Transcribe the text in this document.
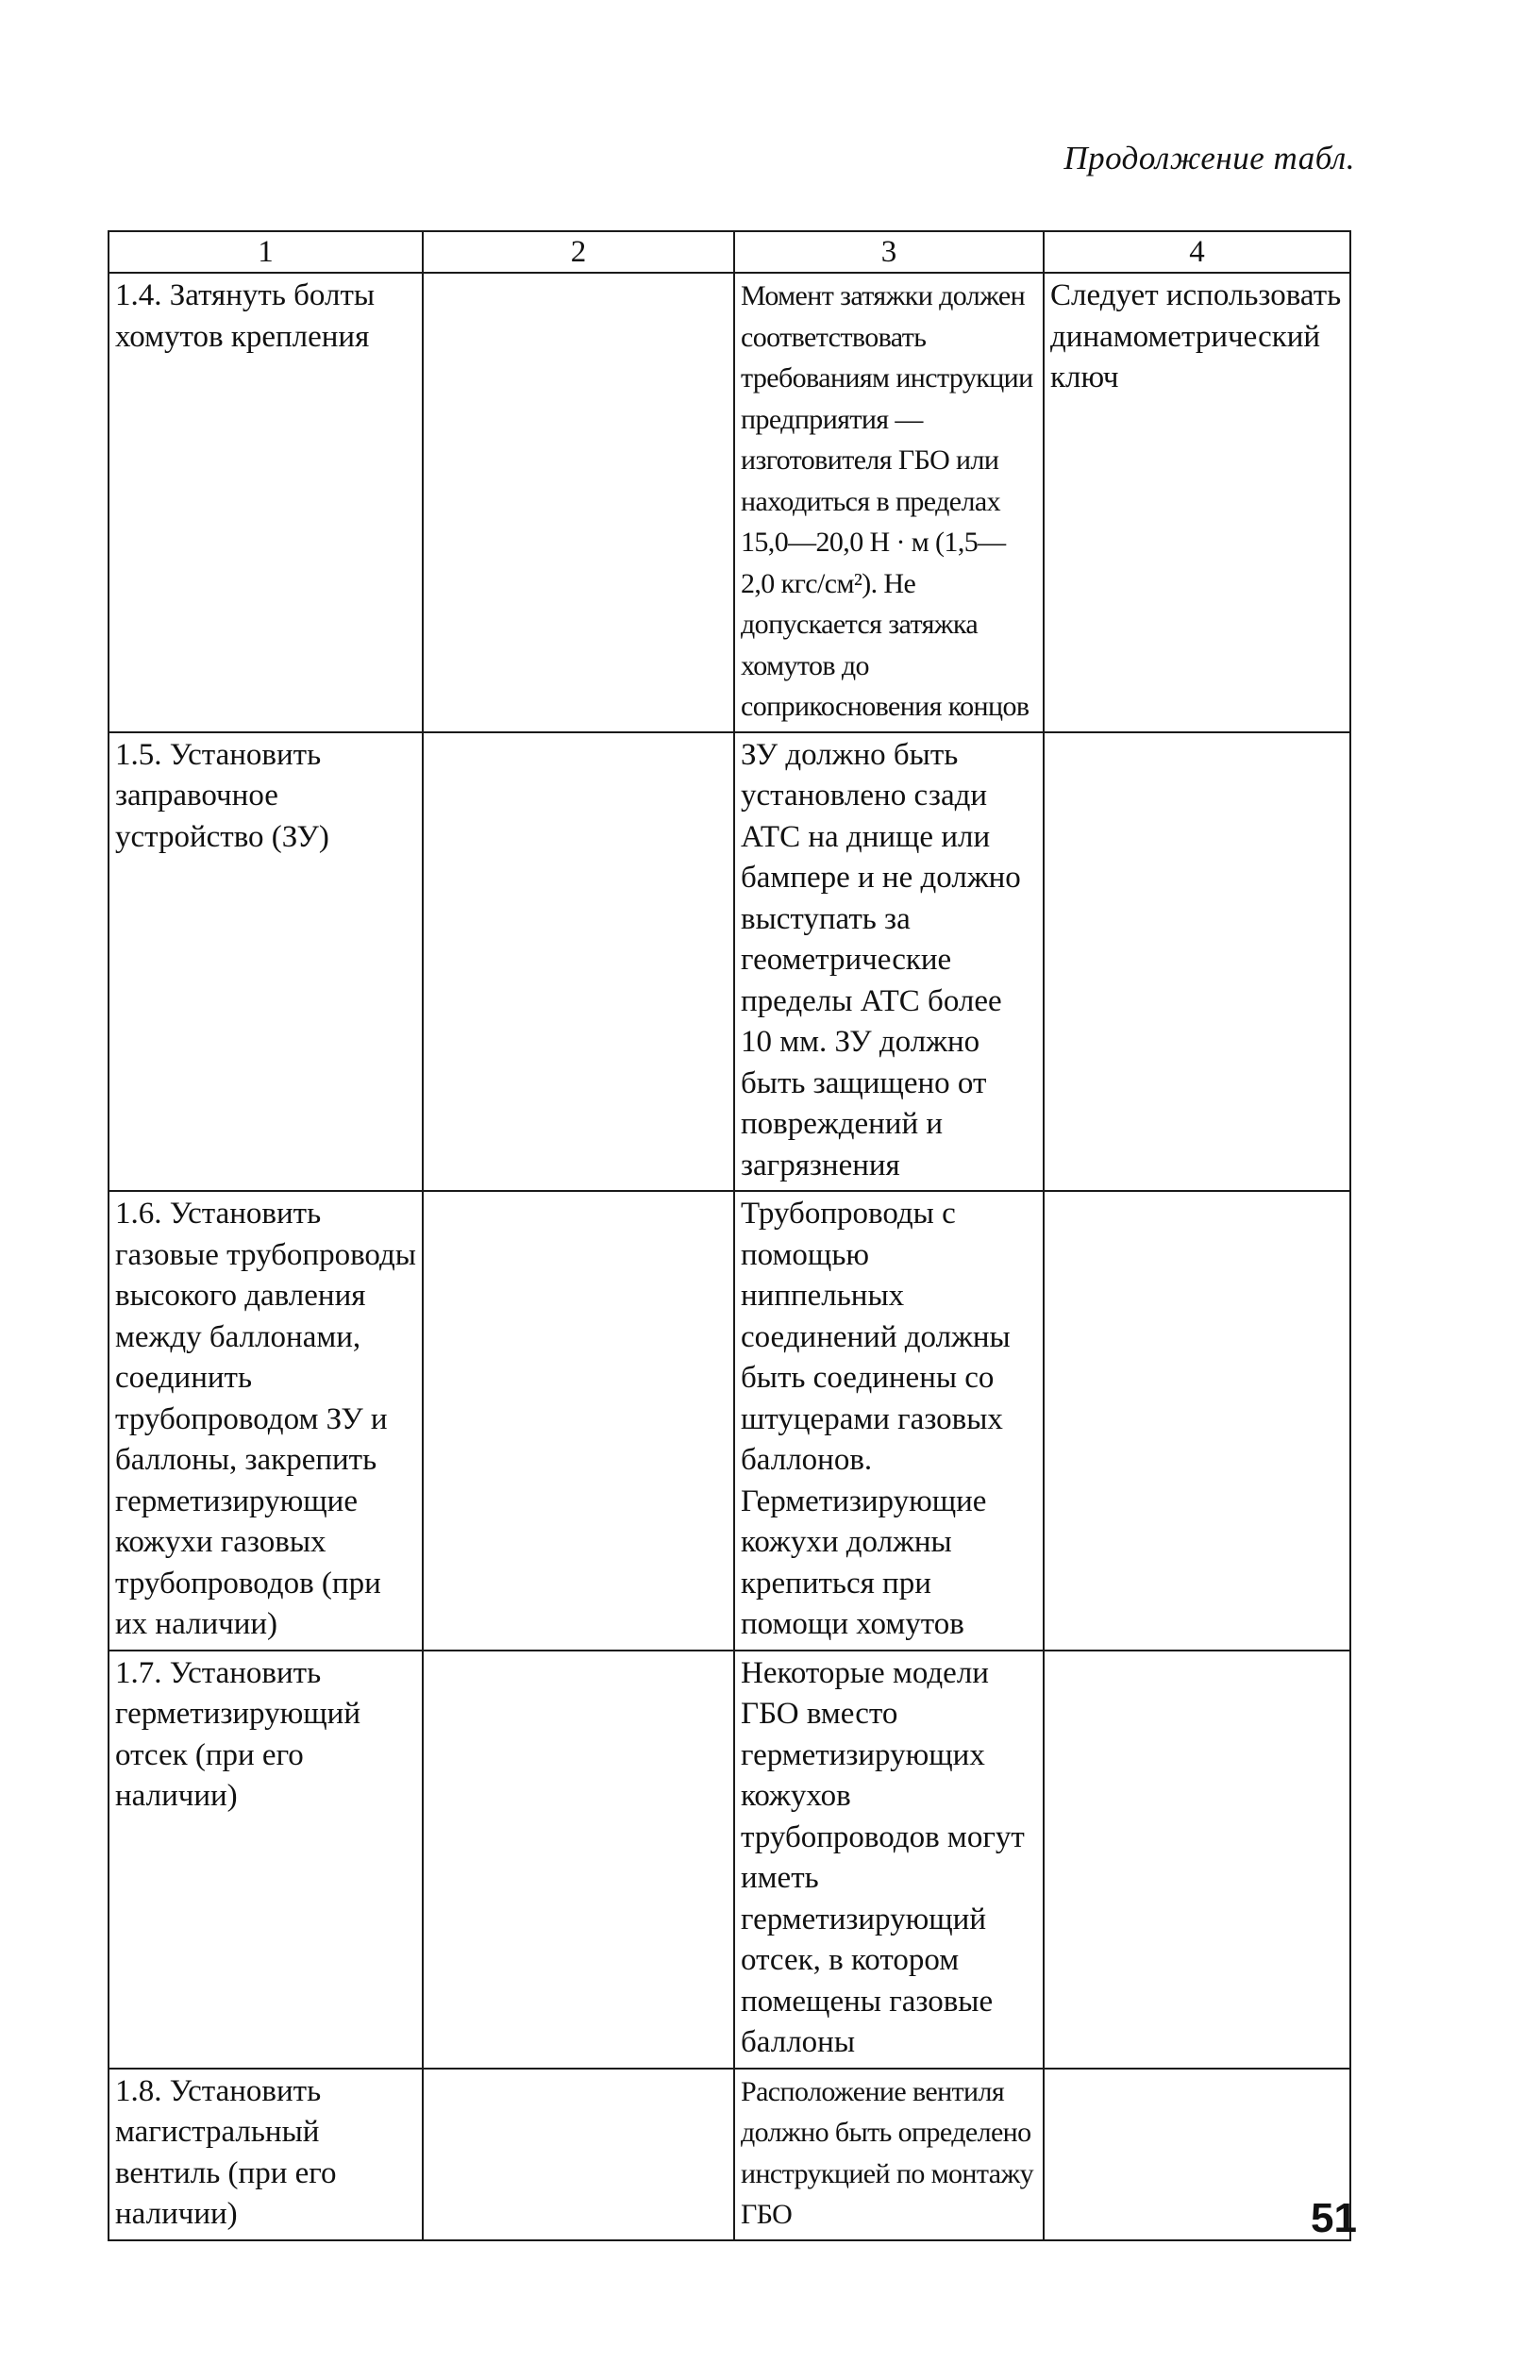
Продолжение табл.
1	2	3	4
1.4. Затянуть болты хомутов крепления		Момент затяжки должен соответствовать требованиям инструкции предприятия — изготовителя ГБО или находиться в пределах 15,0—20,0 Н · м (1,5—2,0 кгс/см²). Не допускается затяжка хомутов до соприкосновения концов	Следует использовать динамометрический ключ
1.5. Установить заправочное устройство (ЗУ)		ЗУ должно быть установлено сзади АТС на днище или бампере и не должно выступать за геометрические пределы АТС более 10 мм. ЗУ должно быть защищено от повреждений и загрязнения	
1.6. Установить газовые трубопроводы высокого давления между баллонами, соединить трубопроводом ЗУ и баллоны, закрепить герметизирующие кожухи газовых трубопроводов (при их наличии)		Трубопроводы с помощью ниппельных соединений должны быть соединены со штуцерами газовых баллонов. Герметизирующие кожухи должны крепиться при помощи хомутов	
1.7. Установить герметизирующий отсек (при его наличии)		Некоторые модели ГБО вместо герметизирующих кожухов трубопроводов могут иметь герметизирующий отсек, в котором помещены газовые баллоны	
1.8. Установить магистральный вентиль (при его наличии)		Расположение вентиля должно быть определено инструкцией по монтажу ГБО		51
